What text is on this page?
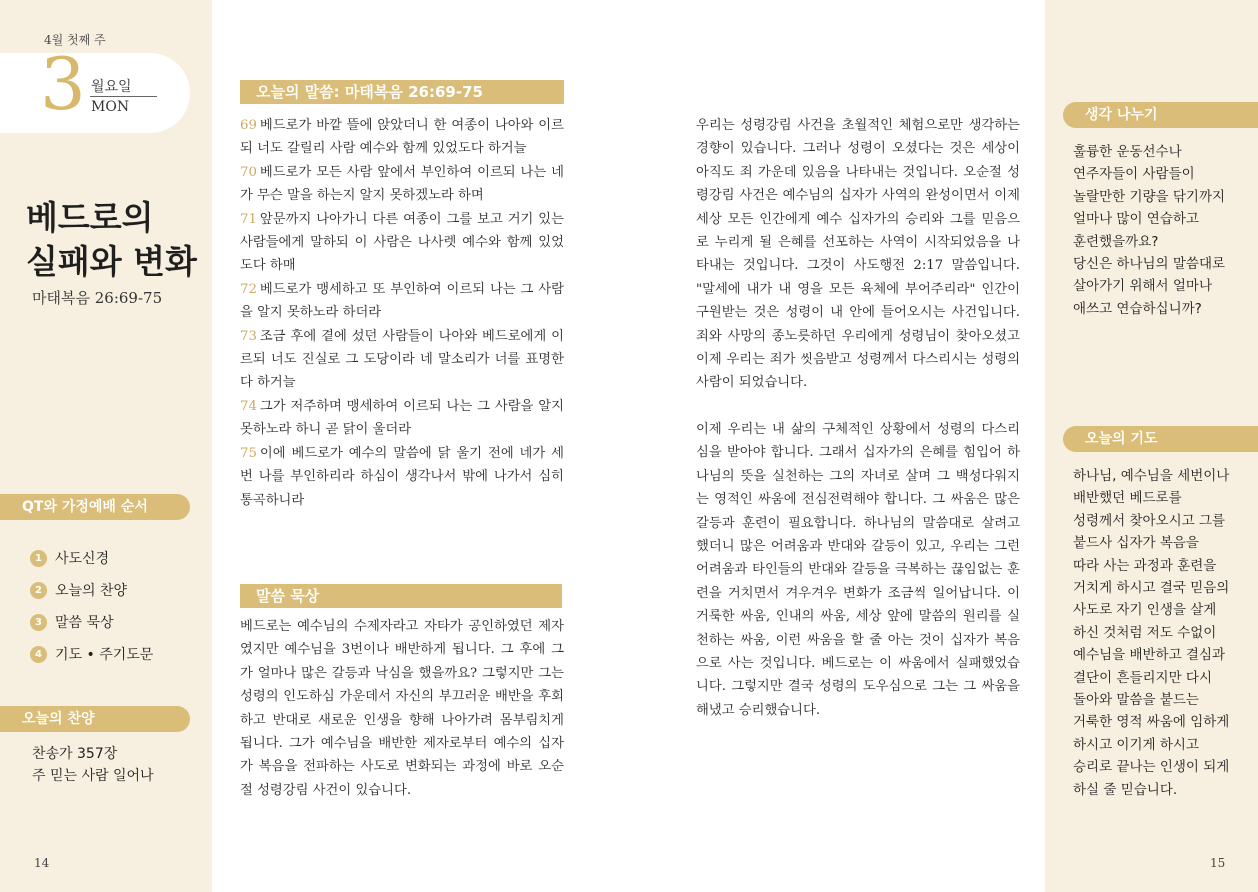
4월 첫째 주
3 월요일
MON
베드로의
실패와 변화
마태복음 26:69-75
QT와 가정예배 순서
1 사도신경
2 오늘의 찬양
3 말씀 묵상
4 기도 • 주기도문
오늘의 찬양
찬송가 357장
주 믿는 사람 일어나
14
오늘의 말씀: 마태복음 26:69-75
69 베드로가 바깥 뜰에 앉았더니 한 여종이 나아와 이르되 너도 갈릴리 사람 예수와 함께 있었도다 하거늘
70 베드로가 모든 사람 앞에서 부인하여 이르되 나는 네가 무슨 말을 하는지 알지 못하겠노라 하며
71 앞문까지 나아가니 다른 여종이 그를 보고 거기 있는 사람들에게 말하되 이 사람은 나사렛 예수와 함께 있었도다 하매
72 베드로가 맹세하고 또 부인하여 이르되 나는 그 사람을 알지 못하노라 하더라
73 조금 후에 곁에 섰던 사람들이 나아와 베드로에게 이르되 너도 진실로 그 도당이라 네 말소리가 너를 표명한다 하거늘
74 그가 저주하며 맹세하여 이르되 나는 그 사람을 알지 못하노라 하니 곧 닭이 울더라
75 이에 베드로가 예수의 말씀에 닭 울기 전에 네가 세 번 나를 부인하리라 하심이 생각나서 밖에 나가서 심히 통곡하니라
말씀 묵상
베드로는 예수님의 수제자라고 자타가 공인하였던 제자였지만 예수님을 3번이나 배반하게 됩니다. 그 후에 그가 얼마나 많은 갈등과 낙심을 했을까요? 그렇지만 그는 성령의 인도하심 가운데서 자신의 부끄러운 배반을 후회하고 반대로 새로운 인생을 향해 나아가려 몸부림치게 됩니다. 그가 예수님을 배반한 제자로부터 예수의 십자가 복음을 전파하는 사도로 변화되는 과정에 바로 오순절 성령강림 사건이 있습니다.
우리는 성령강림 사건을 초월적인 체험으로만 생각하는 경향이 있습니다. 그러나 성령이 오셨다는 것은 세상이 아직도 죄 가운데 있음을 나타내는 것입니다. 오순절 성령강림 사건은 예수님의 십자가 사역의 완성이면서 이제 세상 모든 인간에게 예수 십자가의 승리와 그를 믿음으로 누리게 될 은혜를 선포하는 사역이 시작되었음을 나타내는 것입니다. 그것이 사도행전 2:17 말씀입니다. "말세에 내가 내 영을 모든 육체에 부어주리라" 인간이 구원받는 것은 성령이 내 안에 들어오시는 사건입니다. 죄와 사망의 종노릇하던 우리에게 성령님이 찾아오셨고 이제 우리는 죄가 씻음받고 성령께서 다스리시는 성령의 사람이 되었습니다.
이제 우리는 내 삶의 구체적인 상황에서 성령의 다스리심을 받아야 합니다. 그래서 십자가의 은혜를 힘입어 하나님의 뜻을 실천하는 그의 자녀로 살며 그 백성다워지는 영적인 싸움에 전심전력해야 합니다. 그 싸움은 많은 갈등과 훈련이 필요합니다. 하나님의 말씀대로 살려고 했더니 많은 어려움과 반대와 갈등이 있고, 우리는 그런 어려움과 타인들의 반대와 갈등을 극복하는 끊임없는 훈련을 거치면서 겨우겨우 변화가 조금씩 일어납니다. 이 거룩한 싸움, 인내의 싸움, 세상 앞에 말씀의 원리를 실천하는 싸움, 이런 싸움을 할 줄 아는 것이 십자가 복음으로 사는 것입니다. 베드로는 이 싸움에서 실패했었습니다. 그렇지만 결국 성령의 도우심으로 그는 그 싸움을 해냈고 승리했습니다.
생각 나누기
훌륭한 운동선수나
연주자들이 사람들이
놀랄만한 기량을 닦기까지
얼마나 많이 연습하고
훈련했을까요?
당신은 하나님의 말씀대로
살아가기 위해서 얼마나
애쓰고 연습하십니까?
오늘의 기도
하나님, 예수님을 세번이나
배반했던 베드로를
성령께서 찾아오시고 그를
붙드사 십자가 복음을
따라 사는 과정과 훈련을
거치게 하시고 결국 믿음의
사도로 자기 인생을 살게
하신 것처럼 저도 수없이
예수님을 배반하고 결심과
결단이 흔들리지만 다시
돌아와 말씀을 붙드는
거룩한 영적 싸움에 임하게
하시고 이기게 하시고
승리로 끝나는 인생이 되게
하실 줄 믿습니다.
15
